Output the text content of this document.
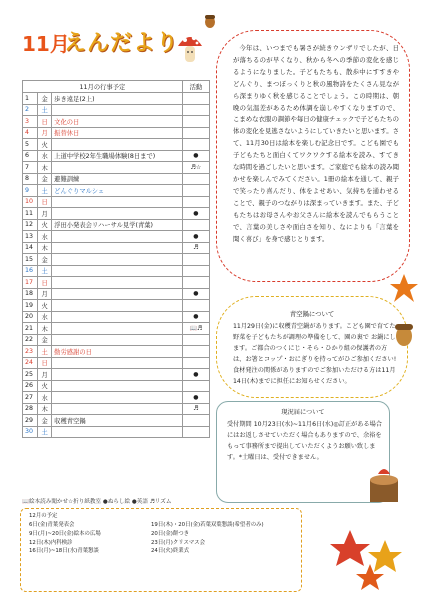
11月
えんだより
11月の行事予定			活動
1	金	歩き遠足(2上)	
2	土		
3	日	文化の日	
4	月	振替休日	
5	火		
6	水	上道中学校2年生職場体験(8日まで)	●
7	木		♬☆
8	金	避難訓練	
9	土	どんぐりマルシェ	
10	日		
11	月		●
12	火	浮田小発表会リハーサル見学(青葉)	
13	水		●
14	木		♬
15	金		
16	土		
17	日		
18	月		●
19	火		
20	水		●
21	木		📖♬
22	金		
23	土	勤労感謝の日	
24	日		
25	月		●
26	火		
27	水		●
28	木		♬
29	金	収穫青空鍋	
30	土		
📖絵本読み聞かせ☆折り紙教室 ●ぬらし絵 ●英語 ♬リズム
12月の予定
6日(金)青葉発表会
9日(月)~20日(金)絵本の広場
12日(木)内科検診
16日(月)~18日(水)青葉懇談
19日(木)・20日(金)若葉双葉懇談(希望者のみ)
20日(金)餅つき
23日(月)クリスマス会
24日(火)終業式

今年は、いつまでも暑さが続きウンザリでしたが、日が落ちるのが早くなり、秋から冬への季節の変化を感じるようになりました。子どもたちも、散歩中にすすきやどんぐり、まつぼっくりと秋の風物詩をたくさん見ながら深まりゆく秋を感じることでしょう。この時期は、朝晩の気温差があるため体調を崩しやすくなりますので、こまめな衣服の調節や毎日の健康チェックで子どもたちの体の変化を見逃さないようにしていきたいと思います。さて、11月30日は絵本を楽しむ記念日です。こども園でも子どもたちと面白くてワクワクする絵本を読み、すてきな時間を過ごしたいと思います。ご家庭でも絵本の読み聞かせを楽しんでみてください。1冊の絵本を通して、親子で笑ったり喜んだり、体をよせあい、気持ちを通わせることで、親子のつながりは深まっていきます。また、子どもたちはお母さんやお父さんに絵本を読んでもらうことで、言葉の美しさや面白さを知り、なによりも「言葉を聞く喜び」を身で感じとります。

青空鍋について

11月29日(金)に収穫青空鍋があります。こども園で育てた野菜を子どもたちが調理の準備をして、園の裏で お鍋にします。ご都合のつくにじ・そら・ひかり組の保護者の方は、お箸とコップ・おにぎりを持ってがひご参加ください!食材発注の関係がありますのでご参加いただける方は11月14日(木)までに担任にお知らせください。

現況届について

受付期間 10月23日(水)~11月6日(水)◎訂正がある場合にはお返しさせていただく場合もありますので、余裕をもって事務所まで提出していただくようお願い致します。*土曜日は、受付できません。
